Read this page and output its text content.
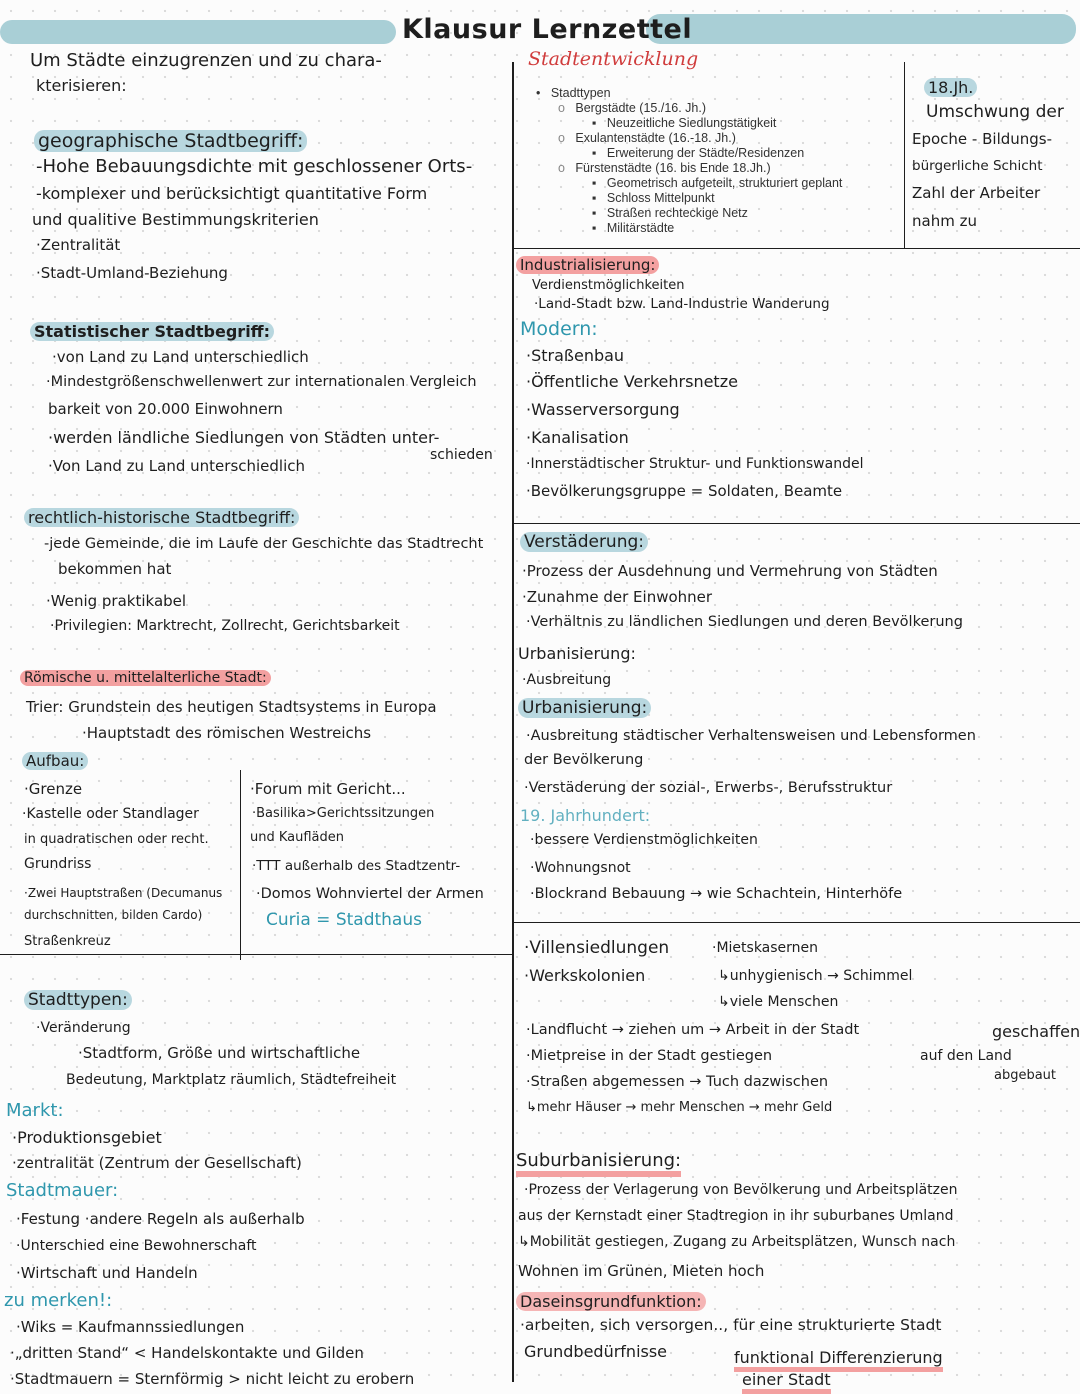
Klausur Lernzettel
Stadtentwicklung
Um Städte einzugrenzen und zu chara-
kterisieren:
geographische Stadtbegriff:
-Hohe Bebauungsdichte mit geschlossener Orts-
-komplexer und berücksichtigt quantitative Form
und qualitive Bestimmungskriterien
·Zentralität
·Stadt-Umland-Beziehung
Statistischer Stadtbegriff:
·von Land zu Land unterschiedlich
·Mindestgrößenschwellenwert zur internationalen Vergleich
barkeit von 20.000 Einwohnern
·werden ländliche Siedlungen von Städten unter-
schieden
·Von Land zu Land unterschiedlich
rechtlich-historische Stadtbegriff:
-jede Gemeinde, die im Laufe der Geschichte das Stadtrecht
bekommen hat
·Wenig praktikabel
·Privilegien: Marktrecht, Zollrecht, Gerichtsbarkeit
Römische u. mittelalterliche Stadt:
Trier: Grundstein des heutigen Stadtsystems in Europa
·Hauptstadt des römischen Westreichs
Aufbau:
·Grenze
·Kastelle oder Standlager
in quadratischen oder recht.
Grundriss
·Zwei Hauptstraßen (Decumanus
durchschnitten, bilden Cardo)
Straßenkreuz
·Forum mit Gericht...
·Basilika>Gerichtssitzungen
und Kaufläden
·TTT außerhalb des Stadtzentr-
·Domos Wohnviertel der Armen
Curia = Stadthaus
Stadttypen:
·Veränderung
·Stadtform, Größe und wirtschaftliche
Bedeutung, Marktplatz räumlich, Städtefreiheit
Markt:
·Produktionsgebiet
·zentralität (Zentrum der Gesellschaft)
Stadtmauer:
·Festung ·andere Regeln als außerhalb
·Unterschied eine Bewohnerschaft
·Wirtschaft und Handeln
zu merken!:
·Wiks = Kaufmannssiedlungen
·„dritten Stand“ < Handelskontakte und Gilden
·Stadtmauern = Sternförmig > nicht leicht zu erobern
• Stadttypen
o Bergstädte (15./16. Jh.)
▪ Neuzeitliche Siedlungstätigkeit
o Exulantenstädte (16.-18. Jh.)
▪ Erweiterung der Städte/Residenzen
o Fürstenstädte (16. bis Ende 18.Jh.)
▪ Geometrisch aufgeteilt, strukturiert geplant
▪ Schloss Mittelpunkt
▪ Straßen rechteckige Netz
▪ Militärstädte
18.Jh.
Umschwung der
Epoche - Bildungs-
bürgerliche Schicht
Zahl der Arbeiter
nahm zu
Industrialisierung:
Verdienstmöglichkeiten
·Land-Stadt bzw. Land-Industrie Wanderung
Modern:
·Straßenbau
·Öffentliche Verkehrsnetze
·Wasserversorgung
·Kanalisation
·Innerstädtischer Struktur- und Funktionswandel
·Bevölkerungsgruppe = Soldaten, Beamte
Verstäderung:
·Prozess der Ausdehnung und Vermehrung von Städten
·Zunahme der Einwohner
·Verhältnis zu ländlichen Siedlungen und deren Bevölkerung
Urbanisierung:
·Ausbreitung
Urbanisierung:
·Ausbreitung städtischer Verhaltensweisen und Lebensformen
der Bevölkerung
·Verstäderung der sozial-, Erwerbs-, Berufsstruktur
19. Jahrhundert:
·bessere Verdienstmöglichkeiten
·Wohnungsnot
·Blockrand Bebauung → wie Schachtein, Hinterhöfe
·Villensiedlungen
·Werkskolonien
·Mietskasernen
↳unhygienisch → Schimmel
↳viele Menschen
·Landflucht → ziehen um → Arbeit in der Stadt
·Mietpreise in der Stadt gestiegen
·Straßen abgemessen → Tuch dazwischen
↳mehr Häuser → mehr Menschen → mehr Geld
geschaffen
auf den Land
abgebaut
Suburbanisierung:
·Prozess der Verlagerung von Bevölkerung und Arbeitsplätzen
aus der Kernstadt einer Stadtregion in ihr suburbanes Umland
↳Mobilität gestiegen, Zugang zu Arbeitsplätzen, Wunsch nach
Wohnen im Grünen, Mieten hoch
Daseinsgrundfunktion:
·arbeiten, sich versorgen.., für eine strukturierte Stadt
Grundbedürfnisse	funktional Differenzierung
einer Stadt
